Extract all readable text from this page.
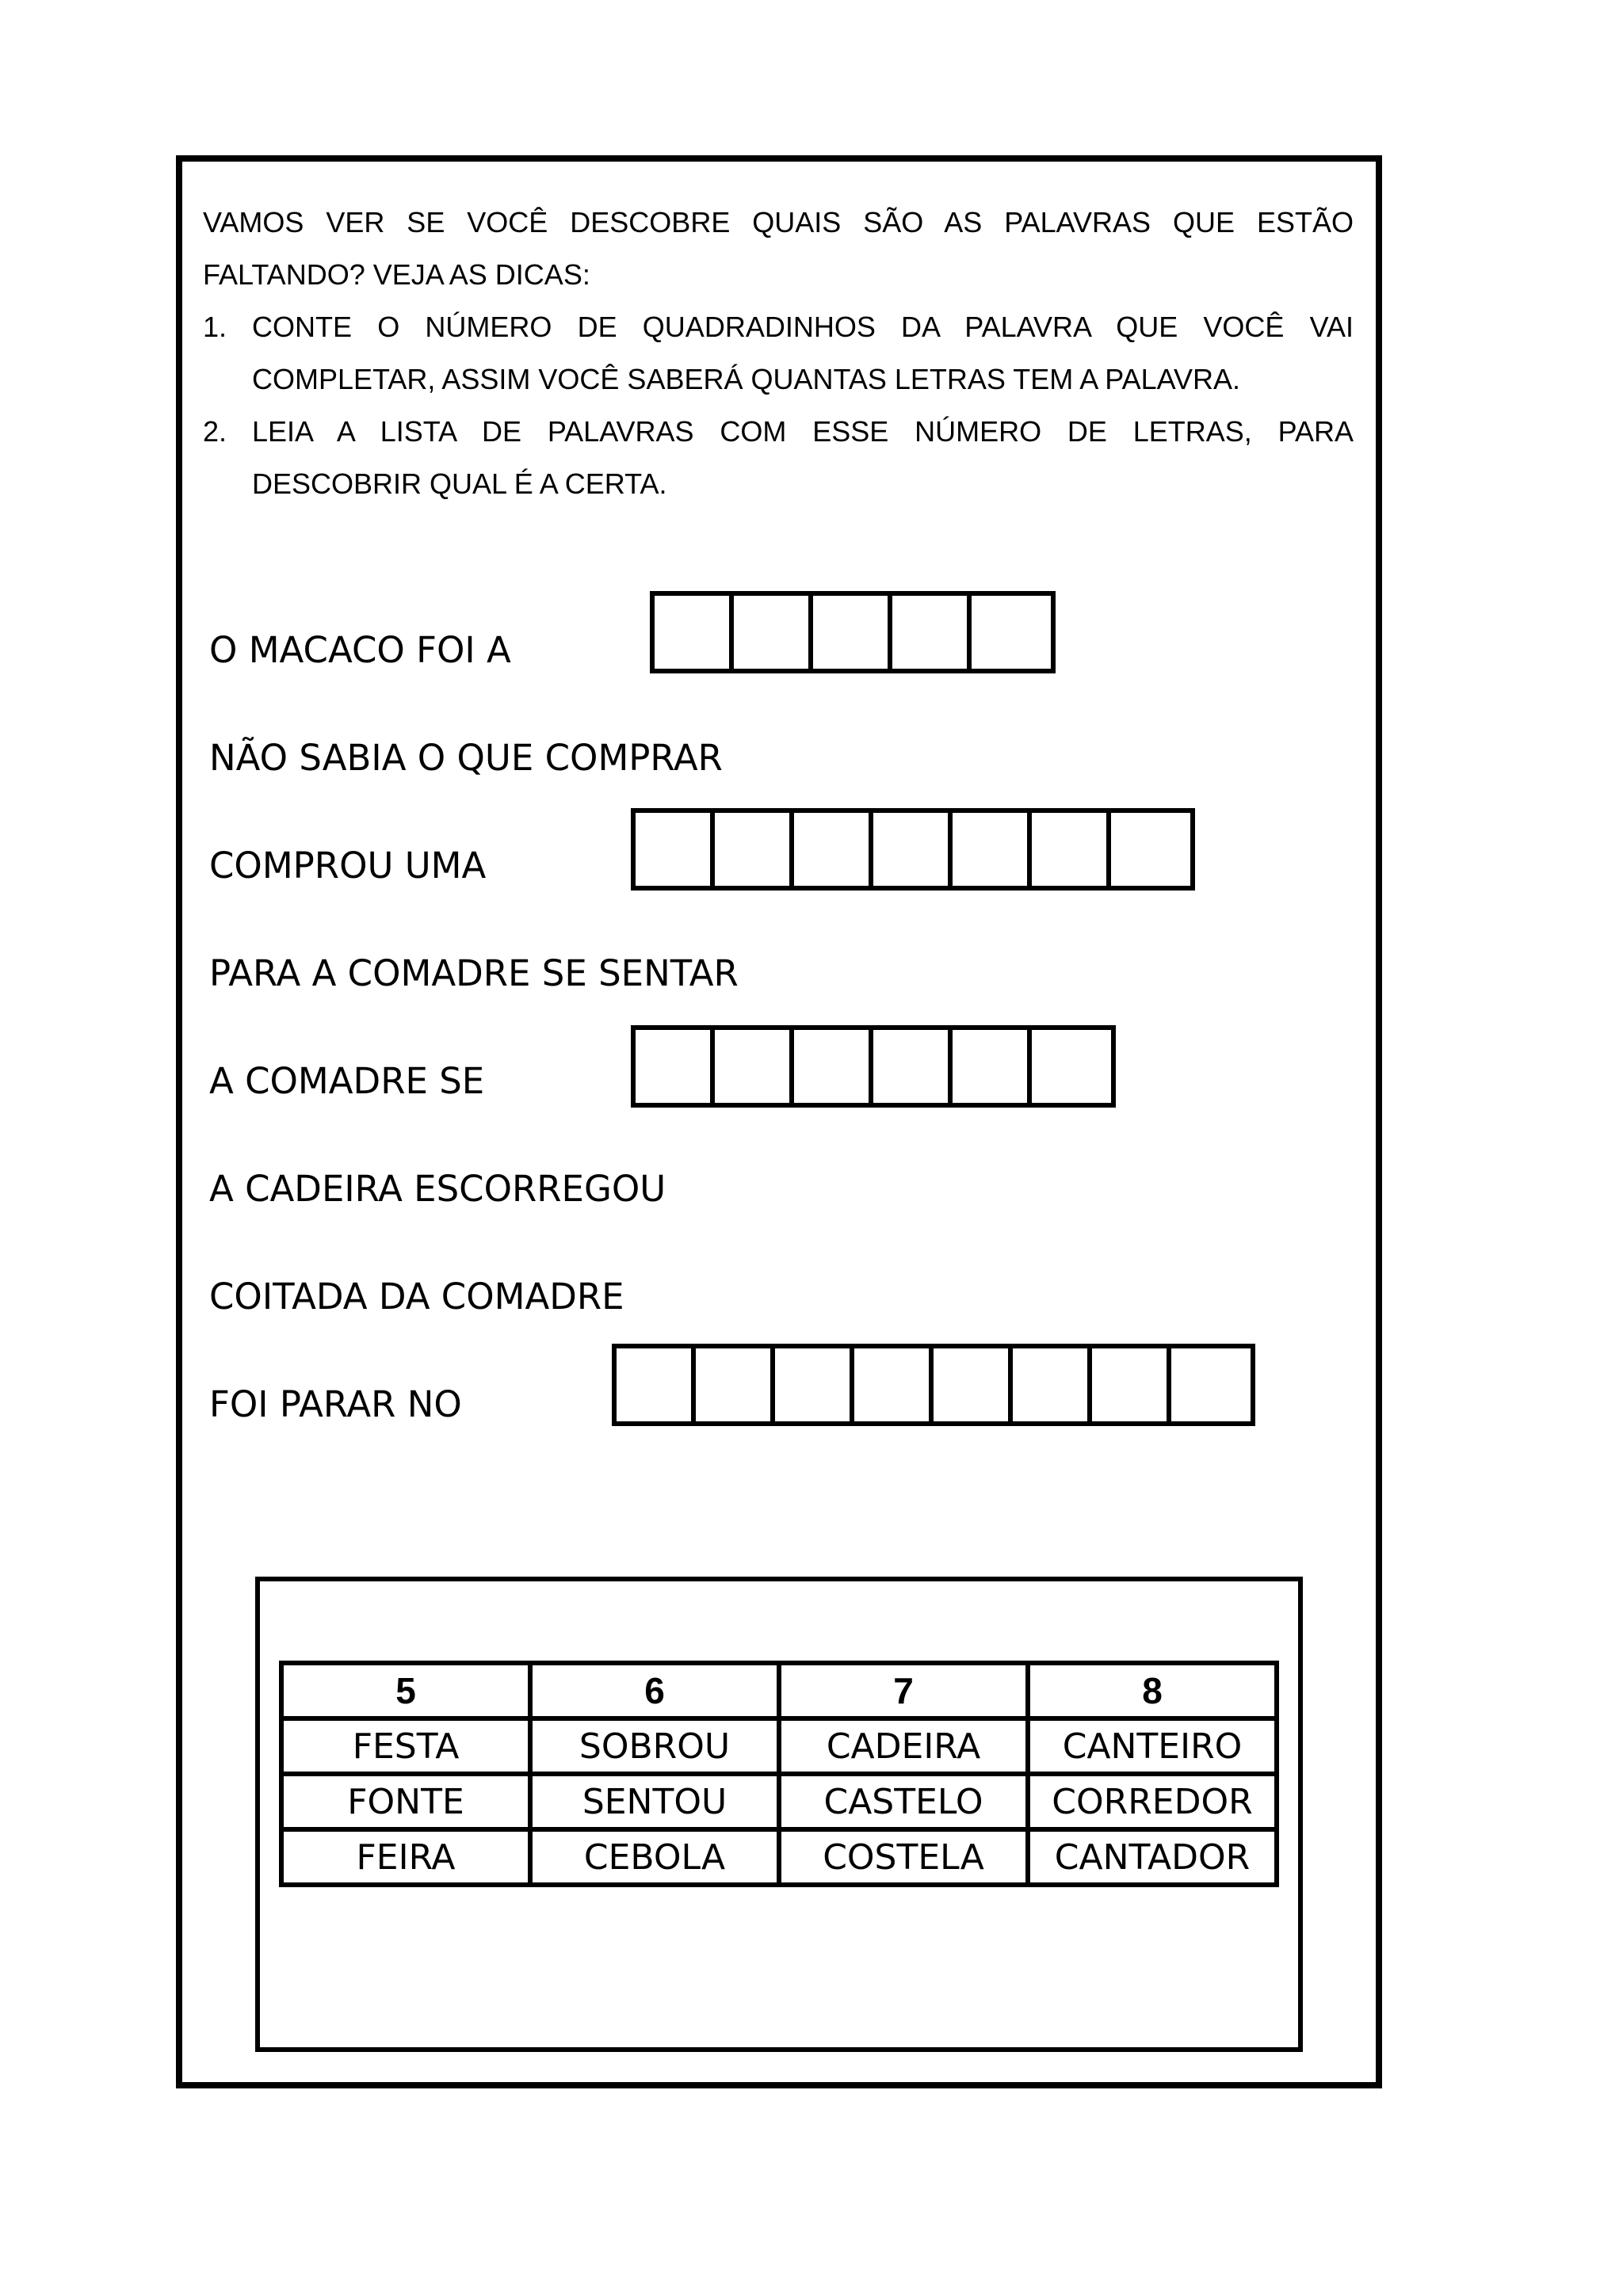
VAMOS VER SE VOCÊ DESCOBRE QUAIS SÃO AS PALAVRAS QUE ESTÃO
FALTANDO? VEJA AS DICAS:
1. CONTE O NÚMERO DE QUADRADINHOS DA PALAVRA QUE VOCÊ VAI
COMPLETAR, ASSIM VOCÊ SABERÁ QUANTAS LETRAS TEM A PALAVRA.
2. LEIA A LISTA DE PALAVRAS COM ESSE NÚMERO DE LETRAS, PARA
DESCOBRIR QUAL É A CERTA.
O MACACO FOI A
NÃO SABIA O QUE COMPRAR
COMPROU UMA
PARA A COMADRE SE SENTAR
A COMADRE SE
A CADEIRA ESCORREGOU
COITADA DA COMADRE
FOI PARAR NO
5	6	7	8
FESTA	SOBROU	CADEIRA	CANTEIRO
FONTE	SENTOU	CASTELO	CORREDOR
FEIRA	CEBOLA	COSTELA	CANTADOR
